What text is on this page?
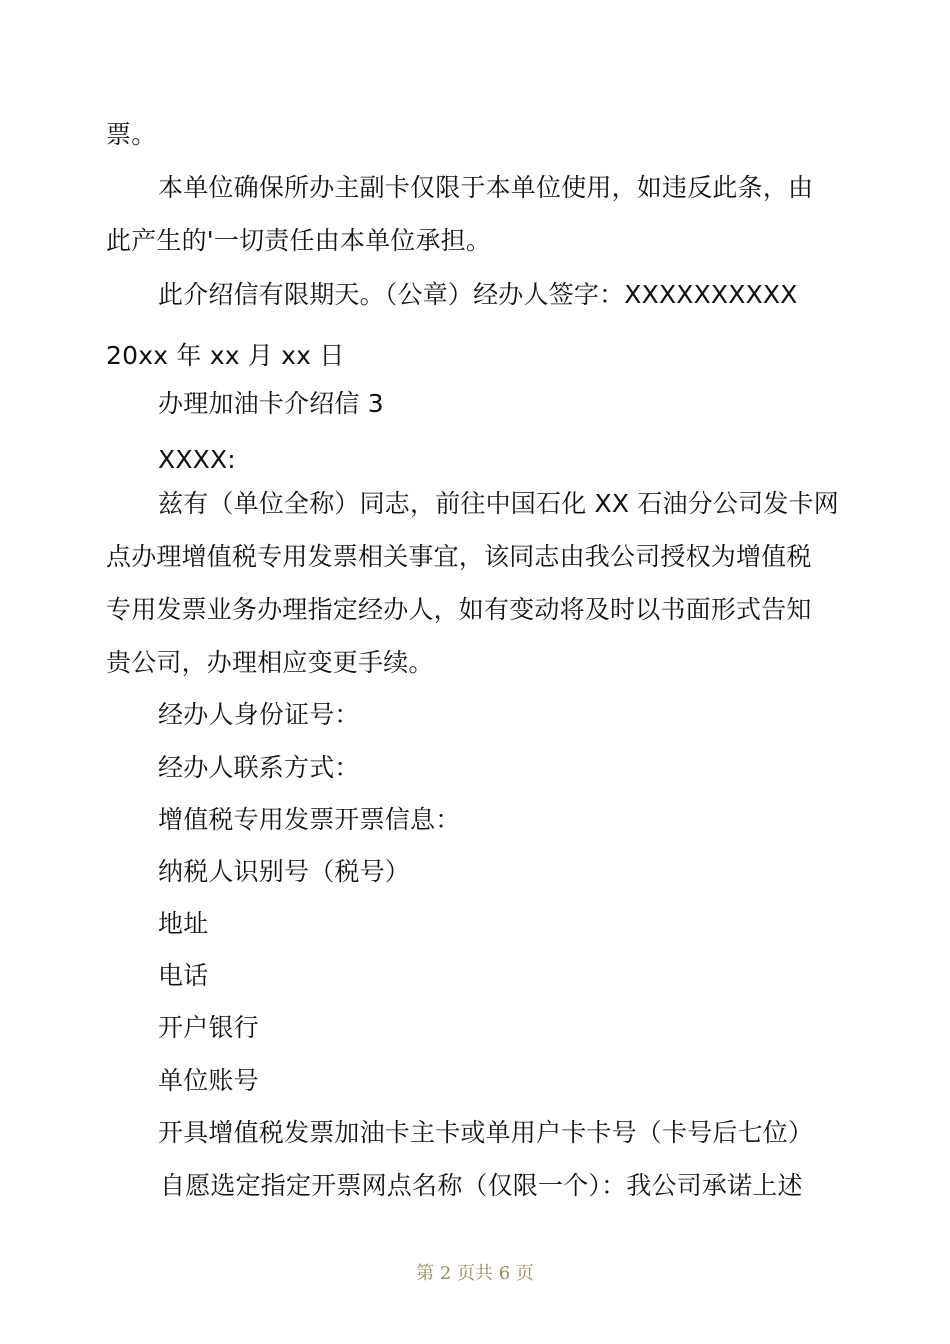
票。
本单位确保所办主副卡仅限于本单位使用，如违反此条，由
此产生的'一切责任由本单位承担。
此介绍信有限期天。（公章）经办人签字：XXXXXXXXXX
20xx 年 xx 月 xx 日
办理加油卡介绍信 3
XXXX:
兹有（单位全称）同志，前往中国石化 XX 石油分公司发卡网
点办理增值税专用发票相关事宜，该同志由我公司授权为增值税
专用发票业务办理指定经办人，如有变动将及时以书面形式告知
贵公司，办理相应变更手续。
经办人身份证号：
经办人联系方式：
增值税专用发票开票信息：
纳税人识别号（税号）
地址
电话
开户银行
单位账号
开具增值税发票加油卡主卡或单用户卡卡号（卡号后七位）
自愿选定指定开票网点名称（仅限一个）：我公司承诺上述
第 2 页共 6 页
